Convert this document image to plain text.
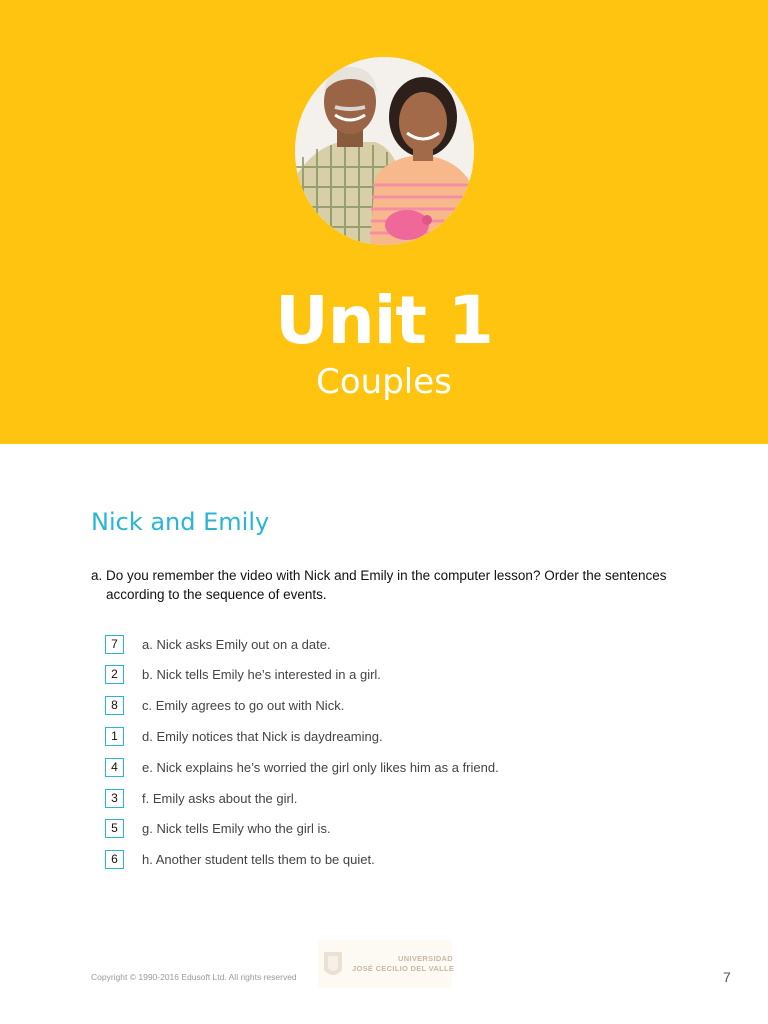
Unit 1
Couples
Nick and Emily
a. Do you remember the video with Nick and Emily in the computer lesson? Order the sentences according to the sequence of events.
7	a. Nick asks Emily out on a date.
2	b. Nick tells Emily he’s interested in a girl.
8	c. Emily agrees to go out with Nick.
1	d. Emily notices that Nick is daydreaming.
4	e. Nick explains he’s worried the girl only likes him as a friend.
3	f. Emily asks about the girl.
5	g. Nick tells Emily who the girl is.
6	h. Another student tells them to be quiet.
UNIVERSIDAD
JOSÉ CECILIO DEL VALLE
Copyright © 1990-2016 Edusoft Ltd. All rights reserved	7
